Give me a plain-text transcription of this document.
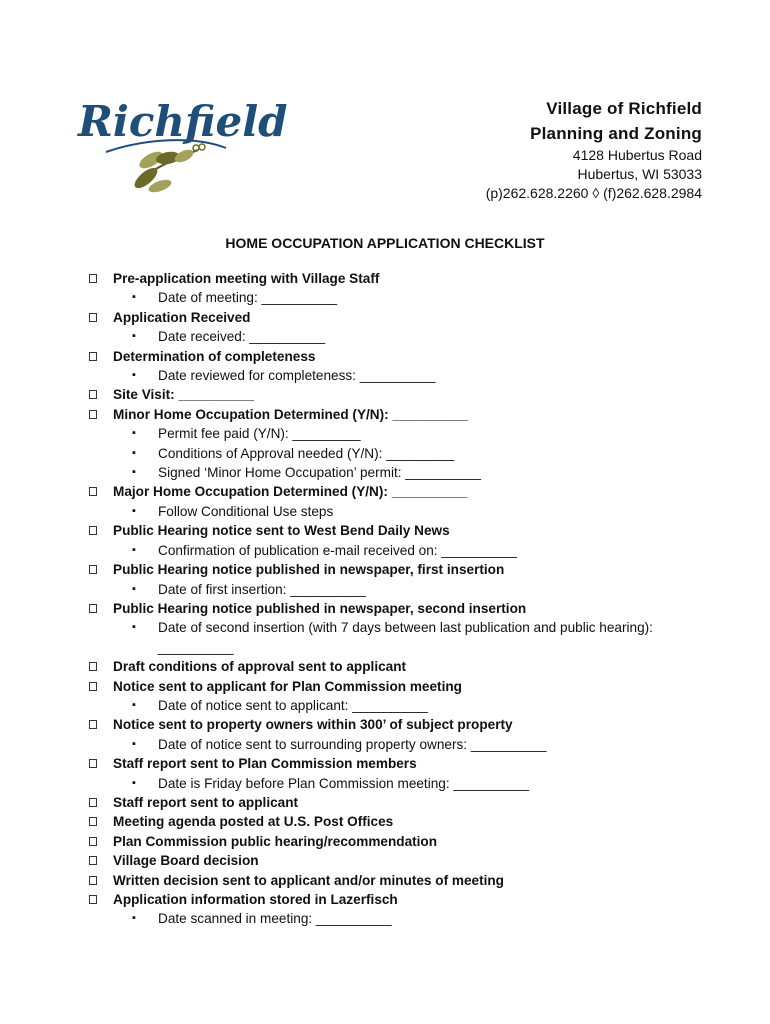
Richfield	Village of Richfield
Planning and Zoning
4128 Hubertus Road
Hubertus, WI 53033
(p)262.628.2260 ◊ (f)262.628.2984
HOME OCCUPATION APPLICATION CHECKLIST
Pre-application meeting with Village Staff
▪ Date of meeting: __________
Application Received
▪ Date received: __________
Determination of completeness
▪ Date reviewed for completeness: __________
Site Visit: __________
Minor Home Occupation Determined (Y/N): __________
▪ Permit fee paid (Y/N): _________
▪ Conditions of Approval needed (Y/N): _________
▪ Signed ‘Minor Home Occupation’ permit: __________
Major Home Occupation Determined (Y/N): __________
▪ Follow Conditional Use steps
Public Hearing notice sent to West Bend Daily News
▪ Confirmation of publication e-mail received on: __________
Public Hearing notice published in newspaper, first insertion
▪ Date of first insertion: __________
Public Hearing notice published in newspaper, second insertion
▪ Date of second insertion (with 7 days between last publication and public hearing):
__________
Draft conditions of approval sent to applicant
Notice sent to applicant for Plan Commission meeting
▪ Date of notice sent to applicant: __________
Notice sent to property owners within 300’ of subject property
▪ Date of notice sent to surrounding property owners: __________
Staff report sent to Plan Commission members
▪ Date is Friday before Plan Commission meeting: __________
Staff report sent to applicant
Meeting agenda posted at U.S. Post Offices
Plan Commission public hearing/recommendation
Village Board decision
Written decision sent to applicant and/or minutes of meeting
Application information stored in Lazerfisch
▪ Date scanned in meeting: __________
